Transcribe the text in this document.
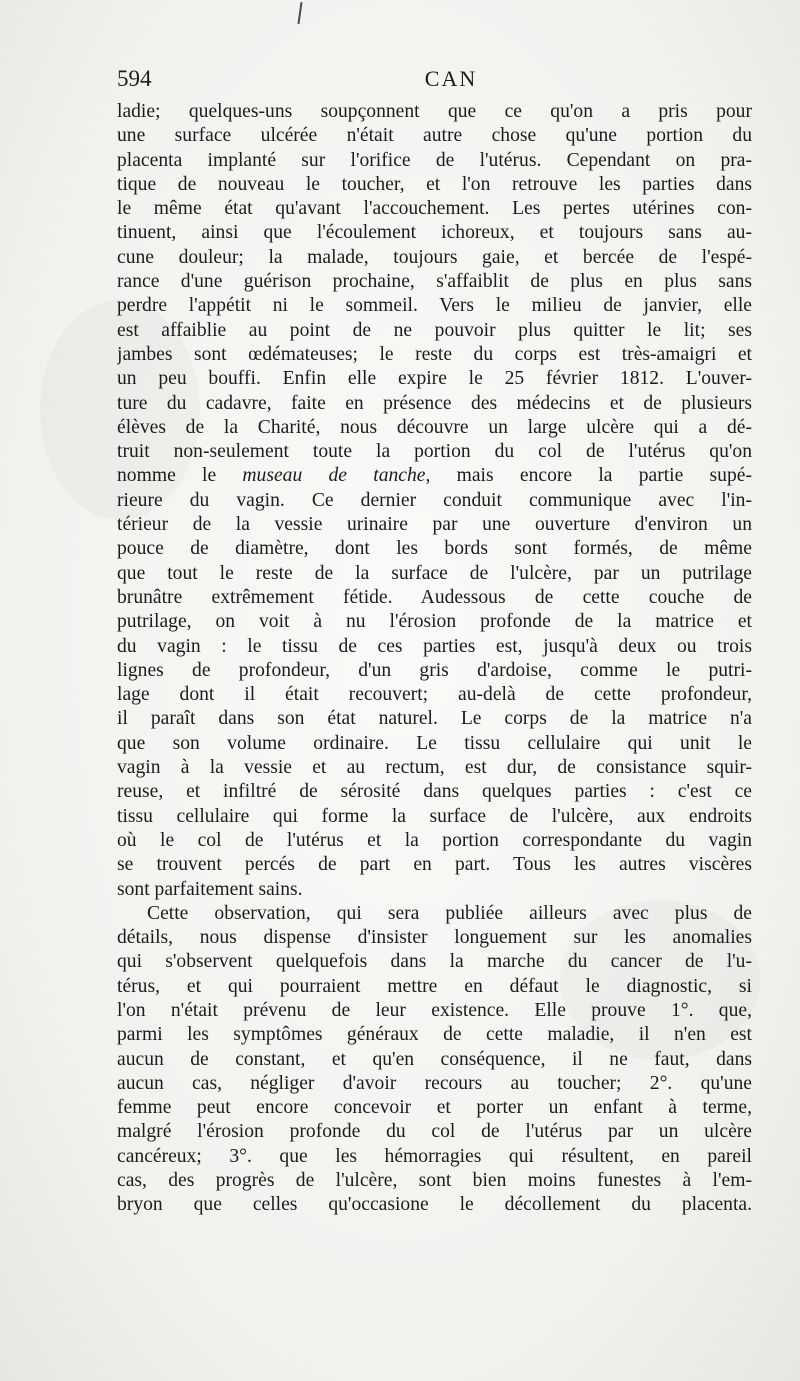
594	CAN
ladie; quelques-uns soupçonnent que ce qu'on a pris pour
une surface ulcérée n'était autre chose qu'une portion du
placenta implanté sur l'orifice de l'utérus. Cependant on pra-
tique de nouveau le toucher, et l'on retrouve les parties dans
le même état qu'avant l'accouchement. Les pertes utérines con-
tinuent, ainsi que l'écoulement ichoreux, et toujours sans au-
cune douleur; la malade, toujours gaie, et bercée de l'espé-
rance d'une guérison prochaine, s'affaiblit de plus en plus sans
perdre l'appétit ni le sommeil. Vers le milieu de janvier, elle
est affaiblie au point de ne pouvoir plus quitter le lit; ses
jambes sont œdémateuses; le reste du corps est très-amaigri et
un peu bouffi. Enfin elle expire le 25 février 1812. L'ouver-
ture du cadavre, faite en présence des médecins et de plusieurs
élèves de la Charité, nous découvre un large ulcère qui a dé-
truit non-seulement toute la portion du col de l'utérus qu'on
nomme le museau de tanche, mais encore la partie supé-
rieure du vagin. Ce dernier conduit communique avec l'in-
térieur de la vessie urinaire par une ouverture d'environ un
pouce de diamètre, dont les bords sont formés, de même
que tout le reste de la surface de l'ulcère, par un putrilage
brunâtre extrêmement fétide. Audessous de cette couche de
putrilage, on voit à nu l'érosion profonde de la matrice et
du vagin : le tissu de ces parties est, jusqu'à deux ou trois
lignes de profondeur, d'un gris d'ardoise, comme le putri-
lage dont il était recouvert; au-delà de cette profondeur,
il paraît dans son état naturel. Le corps de la matrice n'a
que son volume ordinaire. Le tissu cellulaire qui unit le
vagin à la vessie et au rectum, est dur, de consistance squir-
reuse, et infiltré de sérosité dans quelques parties : c'est ce
tissu cellulaire qui forme la surface de l'ulcère, aux endroits
où le col de l'utérus et la portion correspondante du vagin
se trouvent percés de part en part. Tous les autres viscères
sont parfaitement sains.
Cette observation, qui sera publiée ailleurs avec plus de
détails, nous dispense d'insister longuement sur les anomalies
qui s'observent quelquefois dans la marche du cancer de l'u-
térus, et qui pourraient mettre en défaut le diagnostic, si
l'on n'était prévenu de leur existence. Elle prouve 1°. que,
parmi les symptômes généraux de cette maladie, il n'en est
aucun de constant, et qu'en conséquence, il ne faut, dans
aucun cas, négliger d'avoir recours au toucher; 2°. qu'une
femme peut encore concevoir et porter un enfant à terme,
malgré l'érosion profonde du col de l'utérus par un ulcère
cancéreux; 3°. que les hémorragies qui résultent, en pareil
cas, des progrès de l'ulcère, sont bien moins funestes à l'em-
bryon que celles qu'occasione le décollement du placenta.
